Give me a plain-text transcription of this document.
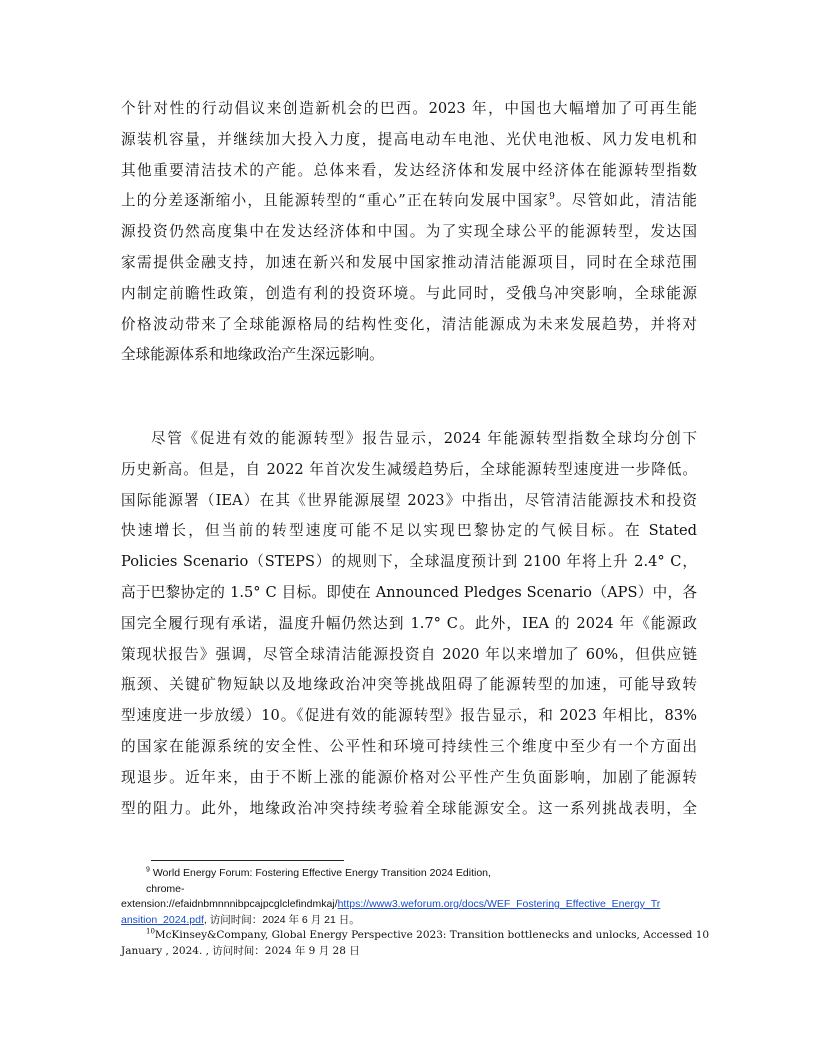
个针对性的行动倡议来创造新机会的巴西。2023 年，中国也大幅增加了可再生能
源装机容量，并继续加大投入力度，提高电动车电池、光伏电池板、风力发电机和
其他重要清洁技术的产能。总体来看，发达经济体和发展中经济体在能源转型指数
上的分差逐渐缩小，且能源转型的“重心”正在转向发展中国家$^9$。尽管如此，清洁能
源投资仍然高度集中在发达经济体和中国。为了实现全球公平的能源转型，发达国
家需提供金融支持，加速在新兴和发展中国家推动清洁能源项目，同时在全球范围
内制定前瞻性政策，创造有利的投资环境。与此同时，受俄乌冲突影响，全球能源
价格波动带来了全球能源格局的结构性变化，清洁能源成为未来发展趋势，并将对
全球能源体系和地缘政治产生深远影响。
尽管《促进有效的能源转型》报告显示，2024 年能源转型指数全球均分创下
历史新高。但是，自 2022 年首次发生减缓趋势后，全球能源转型速度进一步降低。
国际能源署（IEA）在其《世界能源展望 2023》中指出，尽管清洁能源技术和投资
快速增长，但当前的转型速度可能不足以实现巴黎协定的气候目标。在 Stated
Policies Scenario（STEPS）的规则下，全球温度预计到 2100 年将上升 2.4° C，
高于巴黎协定的 1.5° C 目标。即使在 Announced Pledges Scenario（APS）中，各
国完全履行现有承诺，温度升幅仍然达到 1.7° C。此外，IEA 的 2024 年《能源政
策现状报告》强调，尽管全球清洁能源投资自 2020 年以来增加了 60%，但供应链
瓶颈、关键矿物短缺以及地缘政治冲突等挑战阻碍了能源转型的加速，可能导致转
型速度进一步放缓）10。《促进有效的能源转型》报告显示，和 2023 年相比，83%
的国家在能源系统的安全性、公平性和环境可持续性三个维度中至少有一个方面出
现退步。近年来，由于不断上涨的能源价格对公平性产生负面影响，加剧了能源转
型的阻力。此外，地缘政治冲突持续考验着全球能源安全。这一系列挑战表明，全
$^9$ World Energy Forum: Fostering Effective Energy Transition 2024 Edition,
chrome-
extension://efaidnbmnnnibpcajpcglclefindmkaj/https://www3.weforum.org/docs/WEF_Fostering_Effective_Energy_Tr
ansition_2024.pdf, 访问时间：2024 年 6 月 21 日。
$^{10}$McKinsey&Company, Global Energy Perspective 2023: Transition bottlenecks and unlocks, Accessed 10
January , 2024. , 访问时间：2024 年 9 月 28 日
